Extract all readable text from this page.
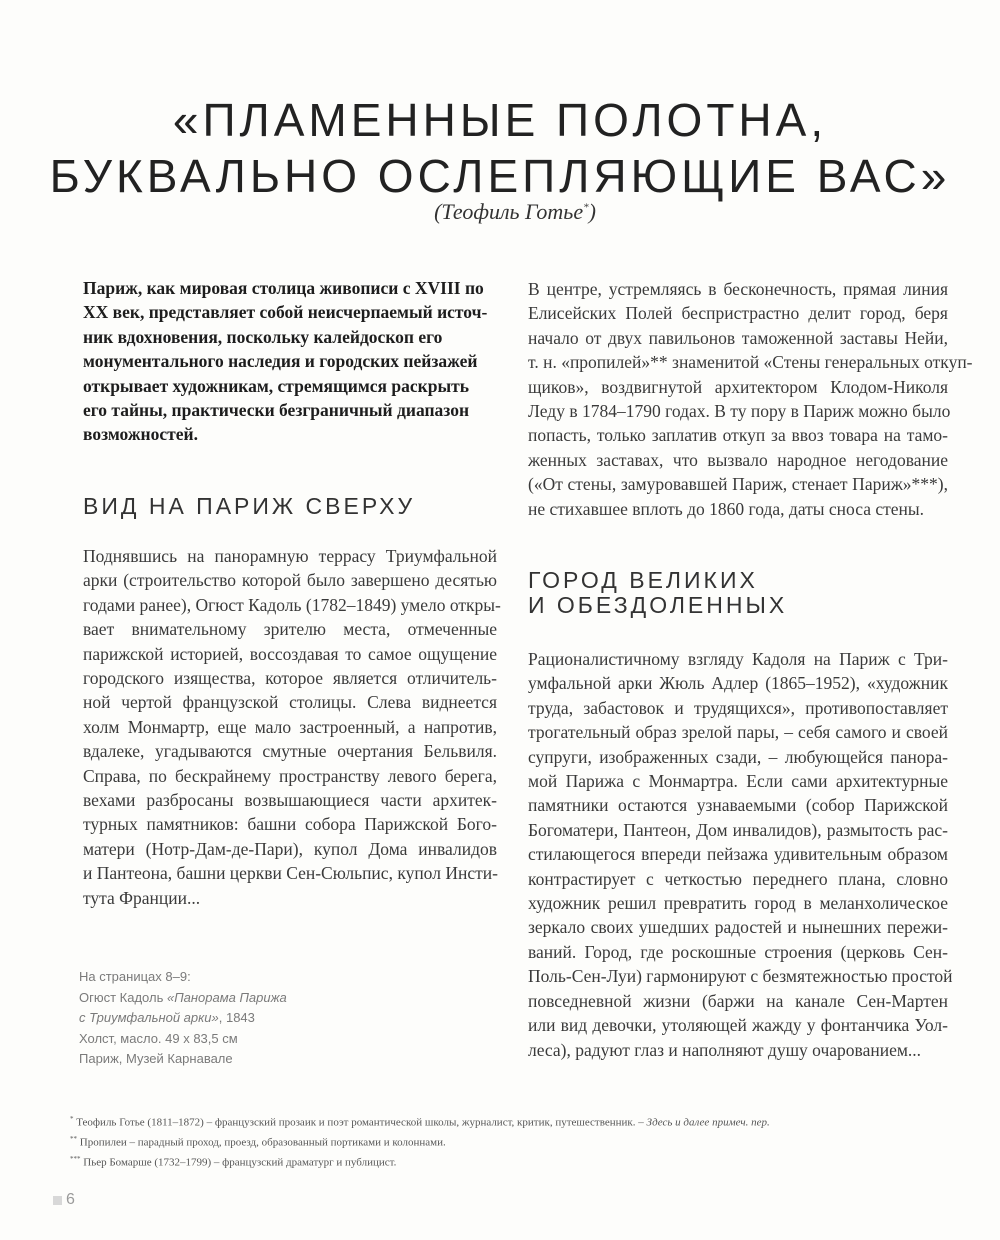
«ПЛАМЕННЫЕ ПОЛОТНА,
БУКВАЛЬНО ОСЛЕПЛЯЮЩИЕ ВАС»
(Теофиль Готье*)
Париж, как мировая столица живописи с XVIII по
XX век, представляет собой неисчерпаемый источ-
ник вдохновения, поскольку калейдоскоп его
монументального наследия и городских пейзажей
открывает художникам, стремящимся раскрыть
его тайны, практически безграничный диапазон
возможностей.
ВИД НА ПАРИЖ СВЕРХУ
Поднявшись на панорамную террасу Триумфальной
арки (строительство которой было завершено десятью
годами ранее), Огюст Кадоль (1782–1849) умело откры-
вает внимательному зрителю места, отмеченные
парижской историей, воссоздавая то самое ощущение
городского изящества, которое является отличитель-
ной чертой французской столицы. Слева виднеется
холм Монмартр, еще мало застроенный, а напротив,
вдалеке, угадываются смутные очертания Бельвиля.
Справа, по бескрайнему пространству левого берега,
вехами разбросаны возвышающиеся части архитек-
турных памятников: башни собора Парижской Бого-
матери (Нотр-Дам-де-Пари), купол Дома инвалидов
и Пантеона, башни церкви Сен-Сюльпис, купол Инсти-
тута Франции...
В центре, устремляясь в бесконечность, прямая линия
Елисейских Полей беспристрастно делит город, беря
начало от двух павильонов таможенной заставы Нейи,
т. н. «пропилей»** знаменитой «Стены генеральных откуп-
щиков», воздвигнутой архитектором Клодом-Николя
Леду в 1784–1790 годах. В ту пору в Париж можно было
попасть, только заплатив откуп за ввоз товара на тамо-
женных заставах, что вызвало народное негодование
(«От стены, замуровавшей Париж, стенает Париж»***),
не стихавшее вплоть до 1860 года, даты сноса стены.
ГОРОД ВЕЛИКИХ
И ОБЕЗДОЛЕННЫХ
Рационалистичному взгляду Кадоля на Париж с Три-
умфальной арки Жюль Адлер (1865–1952), «художник
труда, забастовок и трудящихся», противопоставляет
трогательный образ зрелой пары, – себя самого и своей
супруги, изображенных сзади, – любующейся панора-
мой Парижа с Монмартра. Если сами архитектурные
памятники остаются узнаваемыми (собор Парижской
Богоматери, Пантеон, Дом инвалидов), размытость рас-
стилающегося впереди пейзажа удивительным образом
контрастирует с четкостью переднего плана, словно
художник решил превратить город в меланхолическое
зеркало своих ушедших радостей и нынешних пережи-
ваний. Город, где роскошные строения (церковь Сен-
Поль-Сен-Луи) гармонируют с безмятежностью простой
повседневной жизни (баржи на канале Сен-Мартен
или вид девочки, утоляющей жажду у фонтанчика Уол-
леса), радуют глаз и наполняют душу очарованием...
На страницах 8–9:
Огюст Кадоль «Панорама Парижа
с Триумфальной арки», 1843
Холст, масло. 49 х 83,5 см
Париж, Музей Карнавале
* Теофиль Готье (1811–1872) – французский прозаик и поэт романтической школы, журналист, критик, путешественник. – Здесь и далее примеч. пер.
** Пропилеи – парадный проход, проезд, образованный портиками и колоннами.
*** Пьер Бомарше (1732–1799) – французский драматург и публицист.
6
